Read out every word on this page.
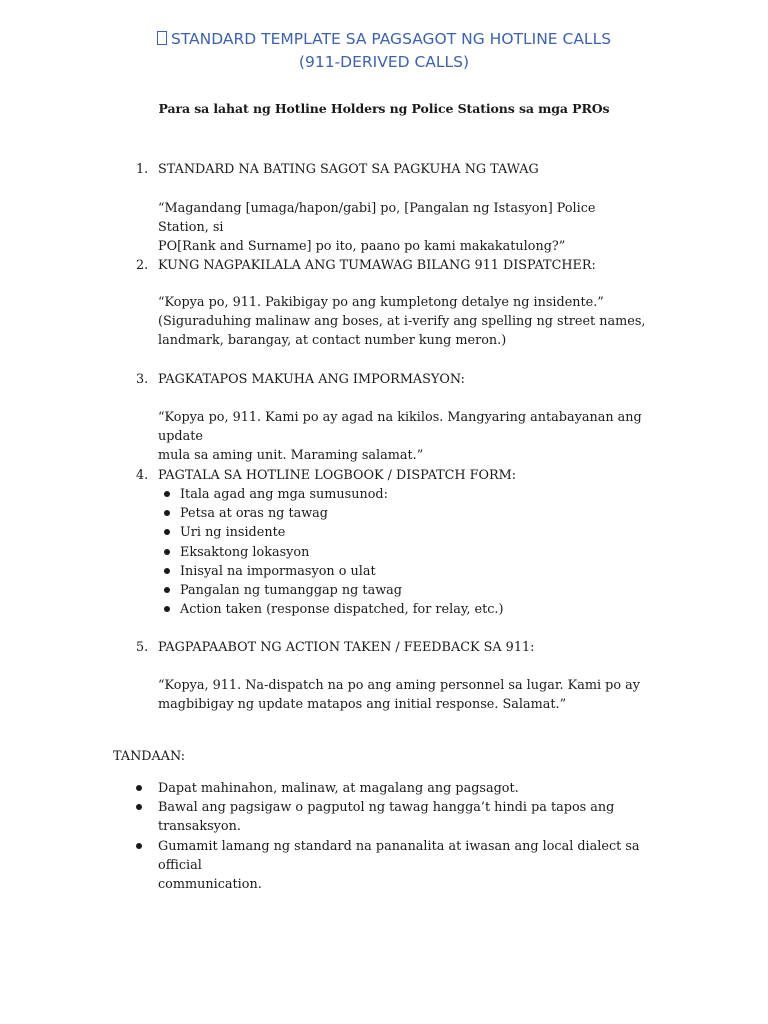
STANDARD TEMPLATE SA PAGSAGOT NG HOTLINE CALLS
(911-DERIVED CALLS)
Para sa lahat ng Hotline Holders ng Police Stations sa mga PROs
1. STANDARD NA BATING SAGOT SA PAGKUHA NG TAWAG
“Magandang [umaga/hapon/gabi] po, [Pangalan ng Istasyon] Police Station, si
PO[Rank and Surname] po ito, paano po kami makakatulong?”
2. KUNG NAGPAKILALA ANG TUMAWAG BILANG 911 DISPATCHER:
“Kopya po, 911. Pakibigay po ang kumpletong detalye ng insidente.”
(Siguraduhing malinaw ang boses, at i-verify ang spelling ng street names,
landmark, barangay, at contact number kung meron.)
3. PAGKATAPOS MAKUHA ANG IMPORMASYON:
“Kopya po, 911. Kami po ay agad na kikilos. Mangyaring antabayanan ang update
mula sa aming unit. Maraming salamat.”
4. PAGTALA SA HOTLINE LOGBOOK / DISPATCH FORM:
Itala agad ang mga sumusunod:
Petsa at oras ng tawag
Uri ng insidente
Eksaktong lokasyon
Inisyal na impormasyon o ulat
Pangalan ng tumanggap ng tawag
Action taken (response dispatched, for relay, etc.)
5. PAGPAPAABOT NG ACTION TAKEN / FEEDBACK SA 911:
“Kopya, 911. Na-dispatch na po ang aming personnel sa lugar. Kami po ay
magbibigay ng update matapos ang initial response. Salamat.”
TANDAAN:
Dapat mahinahon, malinaw, at magalang ang pagsagot.
Bawal ang pagsigaw o pagputol ng tawag hangga’t hindi pa tapos ang transaksyon.
Gumamit lamang ng standard na pananalita at iwasan ang local dialect sa official
communication.
